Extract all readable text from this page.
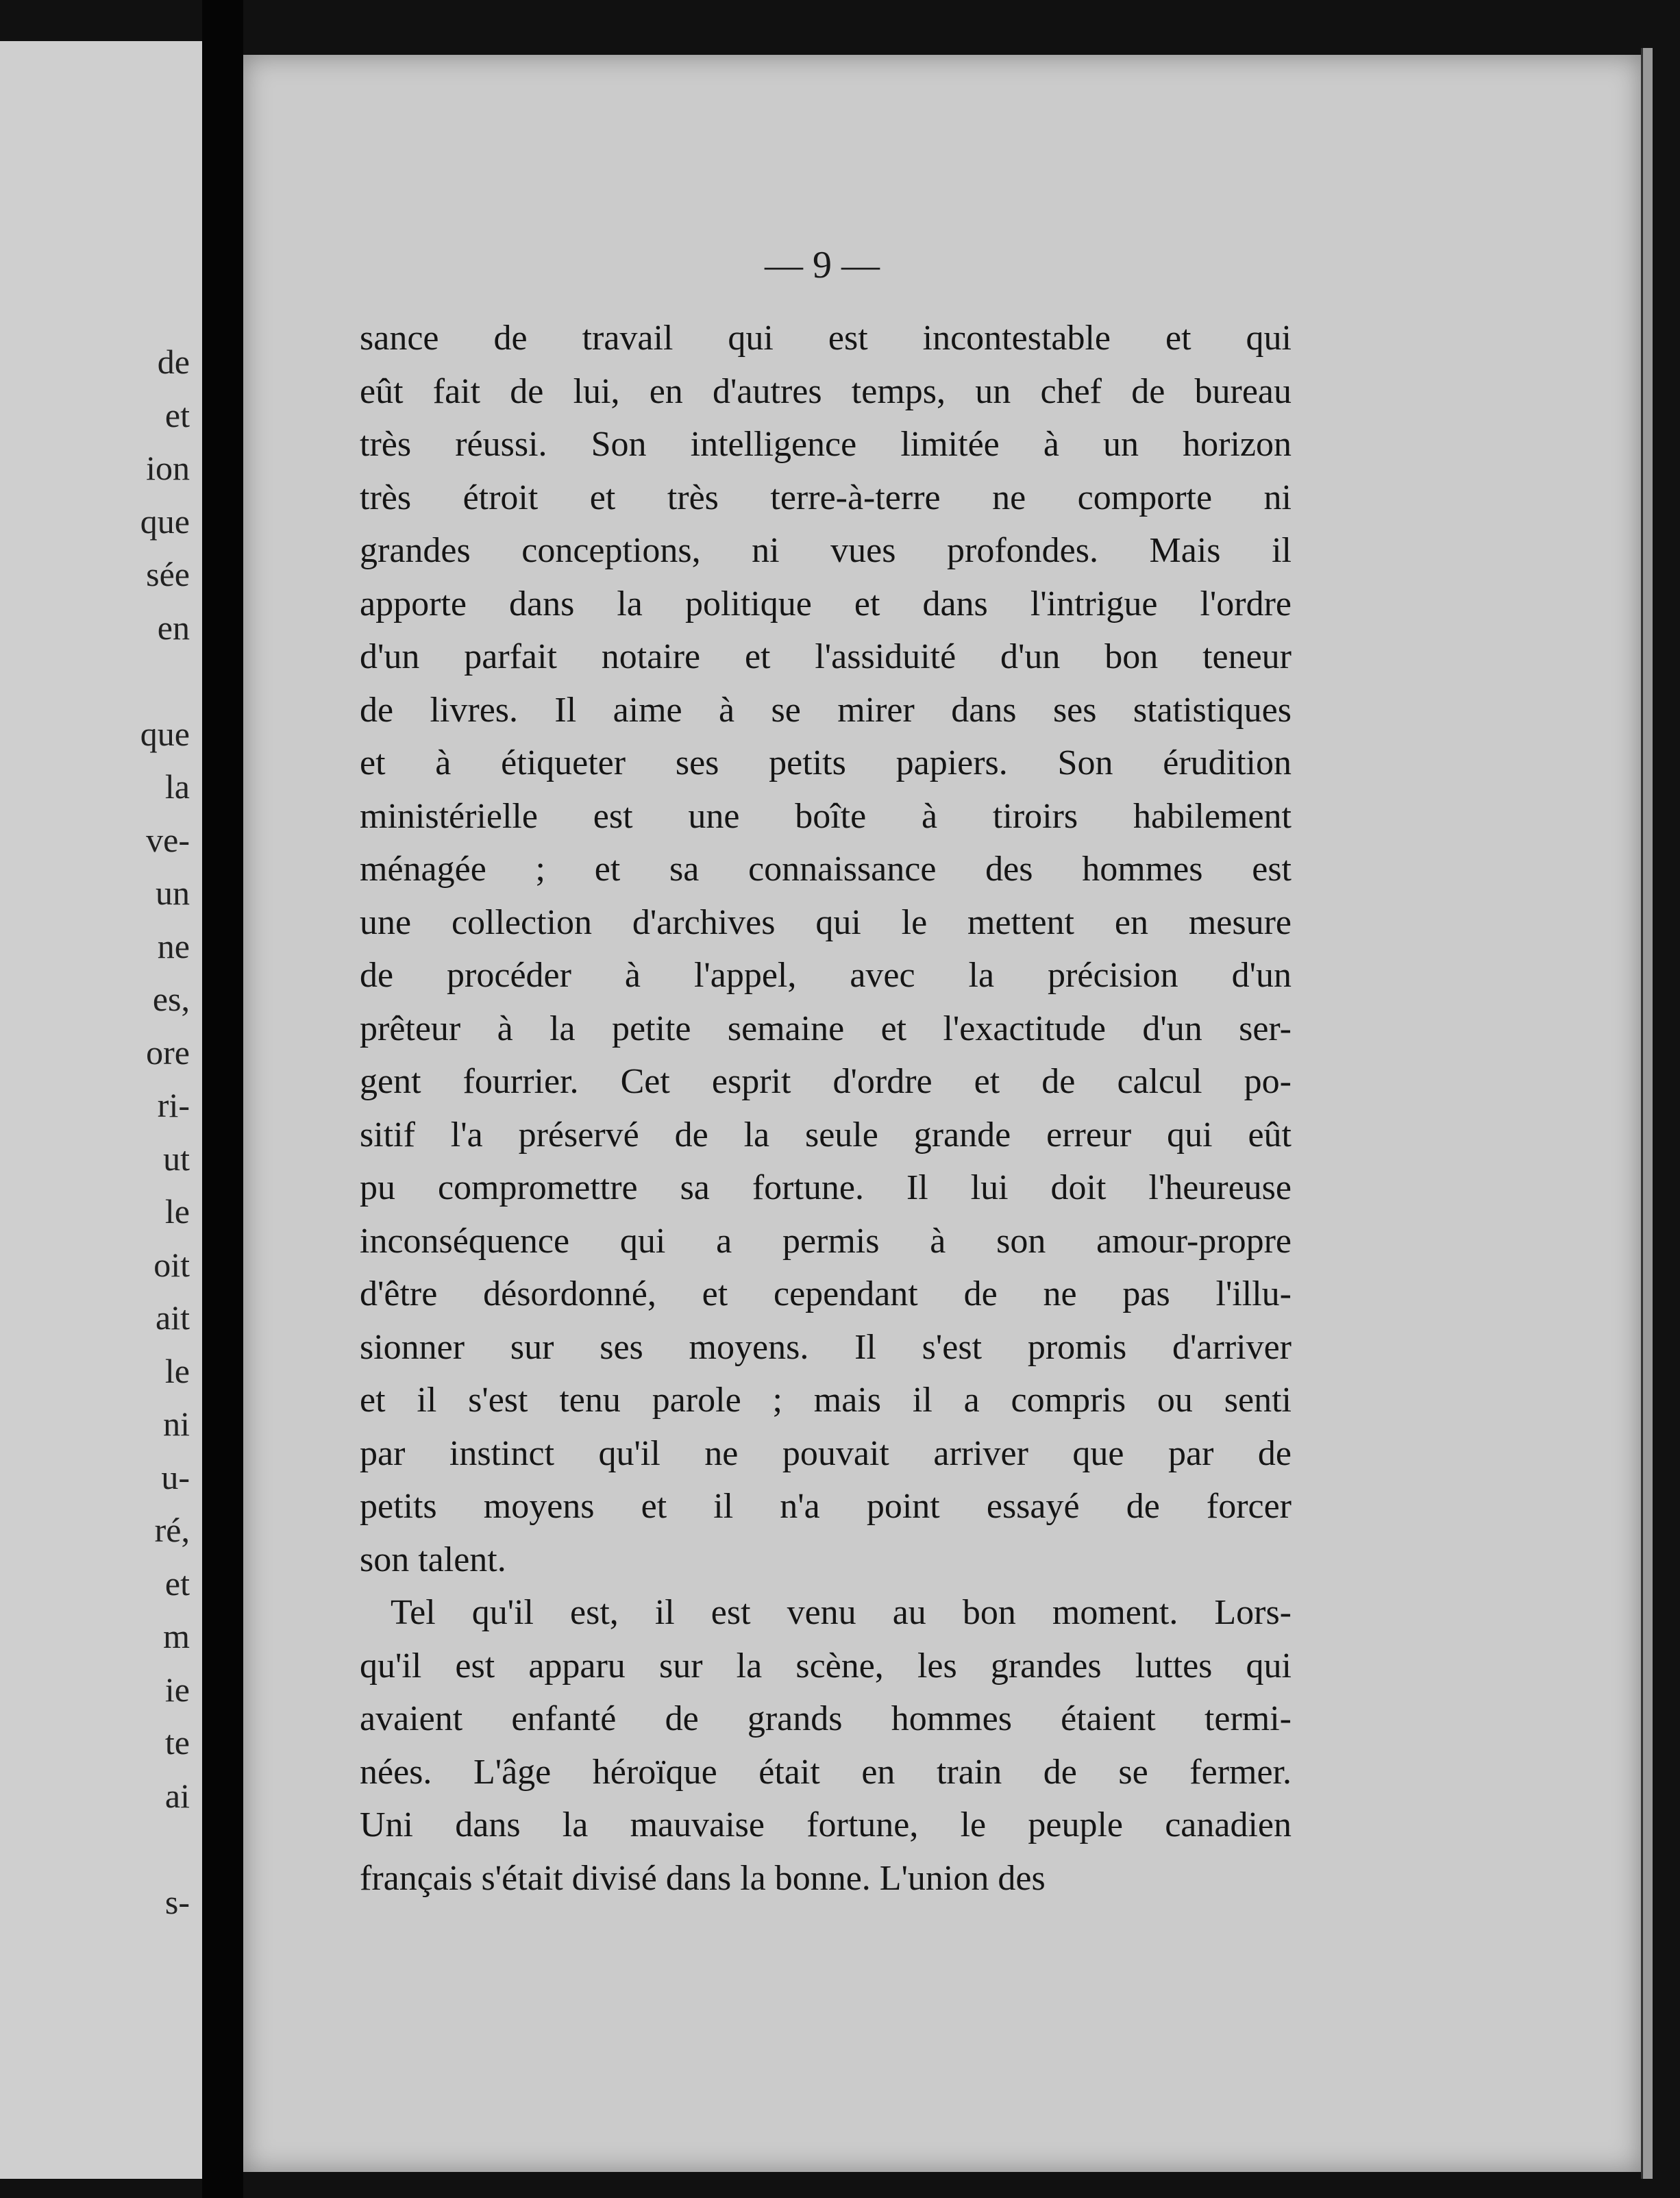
de
et
ion
que
sée
en
que
la
ve-
un
ne
es,
ore
ri-
ut
le
oit
ait
le
ni
u-
ré,
et
m
ie
te
ai
s-
— 9 —
sance de travail qui est incontestable et qui
eût fait de lui, en d'autres temps, un chef de bureau
très réussi. Son intelligence limitée à un horizon
très étroit et très terre-à-terre ne comporte ni
grandes conceptions, ni vues profondes. Mais il
apporte dans la politique et dans l'intrigue l'ordre
d'un parfait notaire et l'assiduité d'un bon teneur
de livres. Il aime à se mirer dans ses statistiques
et à étiqueter ses petits papiers. Son érudition
ministérielle est une boîte à tiroirs habilement
ménagée ; et sa connaissance des hommes est
une collection d'archives qui le mettent en mesure
de procéder à l'appel, avec la précision d'un
prêteur à la petite semaine et l'exactitude d'un ser-
gent fourrier. Cet esprit d'ordre et de calcul po-
sitif l'a préservé de la seule grande erreur qui eût
pu compromettre sa fortune. Il lui doit l'heureuse
inconséquence qui a permis à son amour-propre
d'être désordonné, et cependant de ne pas l'illu-
sionner sur ses moyens. Il s'est promis d'arriver
et il s'est tenu parole ; mais il a compris ou senti
par instinct qu'il ne pouvait arriver que par de
petits moyens et il n'a point essayé de forcer
son talent.
Tel qu'il est, il est venu au bon moment. Lors-
qu'il est apparu sur la scène, les grandes luttes qui
avaient enfanté de grands hommes étaient termi-
nées. L'âge héroïque était en train de se fermer.
Uni dans la mauvaise fortune, le peuple canadien
français s'était divisé dans la bonne. L'union des
